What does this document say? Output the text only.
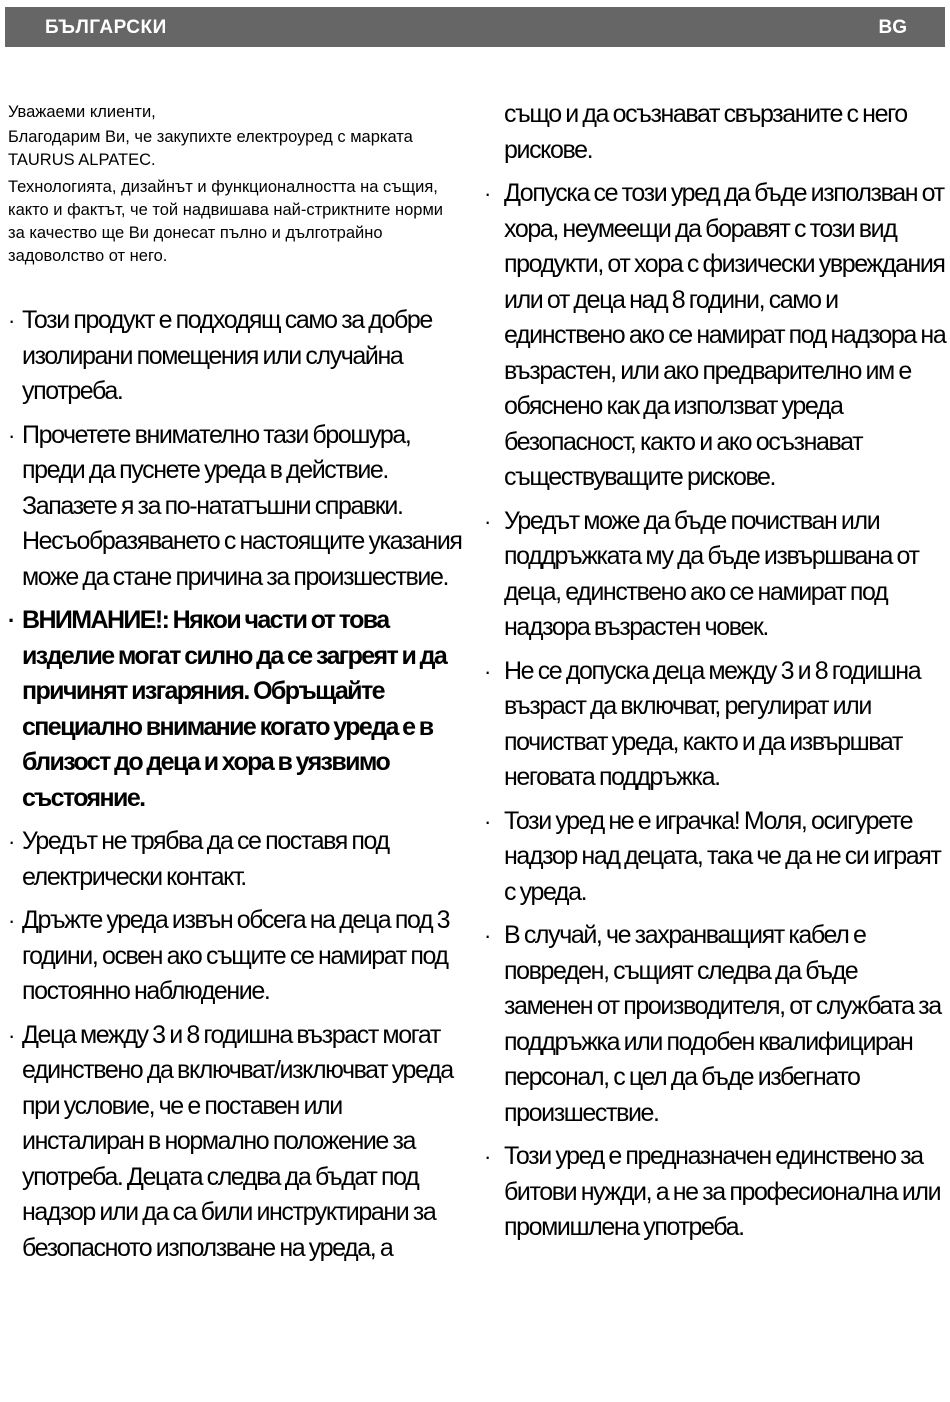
БЪЛГАРСКИ	BG

Уважаеми клиенти,

Благодарим Ви, че закупихте електроуред с марката TAURUS ALPATEC.

Технологията, дизайнът и функционалността на същия, както и фактът, че той надвишава най-стриктните норми за качество ще Ви донесат пълно и дълготрайно задоволство от него.

· Този продукт е подходящ само за добре изолирани помещения или случайна употреба.
· Прочетете внимателно тази брошура, преди да пуснете уреда в действие. Запазете я за по-нататъшни справки. Несъобразяването с настоящите указания може да стане причина за произшествие.
· ВНИМАНИЕ!: Някои части от това изделие могат силно да се загреят и да причинят изгаряния. Обръщайте специално внимание когато уреда е в близост до деца и хора в уязвимо състояние.
· Уредът не трябва да се поставя под електрически контакт.
· Дръжте уреда извън обсега на деца под 3 години, освен ако същите се намират под постоянно наблюдение.
· Деца между 3 и 8 годишна възраст могат единствено да включват/изключват уреда при условие, че е поставен или инсталиран в нормално положение за употреба. Децата следва да бъдат под надзор или да са били инструктирани за безопасното използване на уреда, а
също и да осъзнават свързаните с него рискове.
· Допуска се този уред да бъде използван от хора, неумеещи да боравят с този вид продукти, от хора с физически увреждания или от деца над 8 години, само и единствено ако се намират под надзора на възрастен, или ако предварително им е обяснено как да използват уреда безопасност, както и ако осъзнават съществуващите рискове.
· Уредът може да бъде почистван или поддръжката му да бъде извършвана от деца, единствено ако се намират под надзора възрастен човек.
· Не се допуска деца между 3 и 8 годишна възраст да включват, регулират или почистват уреда, както и да извършват неговата поддръжка.
· Този уред не е играчка! Моля, осигурете надзор над децата, така че да не си играят с уреда.
· В случай, че захранващият кабел е повреден, същият следва да бъде заменен от производителя, от службата за поддръжка или подобен квалифициран персонал, с цел да бъде избегнато произшествие.
· Този уред е предназначен единствено за битови нужди, а не за професионална или промишлена употреба.
